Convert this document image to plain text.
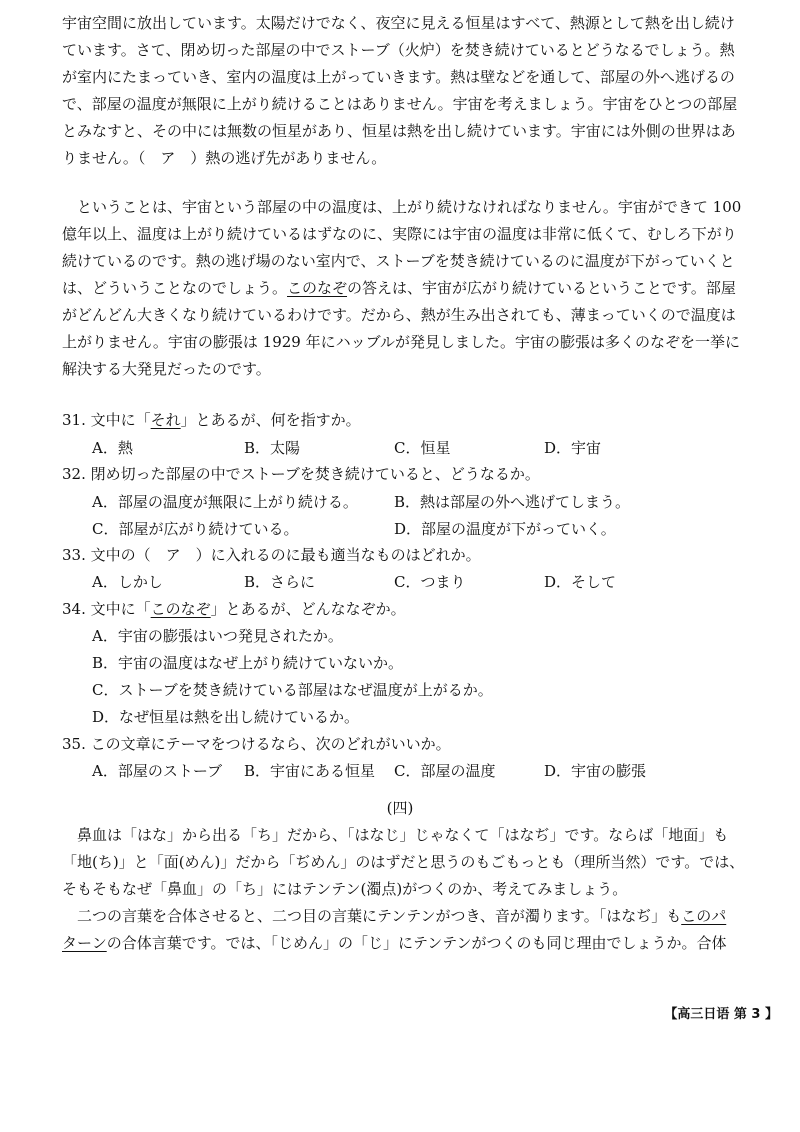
宇宙空間に放出しています。太陽だけでなく、夜空に見える恒星はすべて、熱源として熱を出し続け
ています。さて、閉め切った部屋の中でストーブ（火炉）を焚き続けているとどうなるでしょう。熱
が室内にたまっていき、室内の温度は上がっていきます。熱は壁などを通して、部屋の外へ逃げるの
で、部屋の温度が無限に上がり続けることはありません。宇宙を考えましょう。宇宙をひとつの部屋
とみなすと、その中には無数の恒星があり、恒星は熱を出し続けています。宇宙には外側の世界はあ
りません。（　ア　）熱の逃げ先がありません。
ということは、宇宙という部屋の中の温度は、上がり続けなければなりません。宇宙ができて 100
億年以上、温度は上がり続けているはずなのに、実際には宇宙の温度は非常に低くて、むしろ下がり
続けているのです。熱の逃げ場のない室内で、ストーブを焚き続けているのに温度が下がっていくと
は、どういうことなのでしょう。このなぞの答えは、宇宙が広がり続けているということです。部屋
がどんどん大きくなり続けているわけです。だから、熱が生み出されても、薄まっていくので温度は
上がりません。宇宙の膨張は 1929 年にハッブルが発見しました。宇宙の膨張は多くのなぞを一挙に
解決する大発見だったのです。
31. 文中に「それ」とあるが、何を指すか。
A．熱	B．太陽	C．恒星	D．宇宙
32. 閉め切った部屋の中でストーブを焚き続けていると、どうなるか。
A．部屋の温度が無限に上がり続ける。 B．熱は部屋の外へ逃げてしまう。
C．部屋が広がり続けている。	D．部屋の温度が下がっていく。
33. 文中の（　ア　）に入れるのに最も適当なものはどれか。
A．しかし	B．さらに	C．つまり	D．そして
34. 文中に「このなぞ」とあるが、どんななぞか。
A．宇宙の膨張はいつ発見されたか。
B．宇宙の温度はなぜ上がり続けていないか。
C．ストーブを焚き続けている部屋はなぜ温度が上がるか。
D．なぜ恒星は熱を出し続けているか。
35. この文章にテーマをつけるなら、次のどれがいいか。
A．部屋のストーブ B．宇宙にある恒星 C．部屋の温度	D．宇宙の膨張
(四)
鼻血は「はな」から出る「ち」だから、「はなじ」じゃなくて「はなぢ」です。ならば「地面」も
「地(ち)」と「面(めん)」だから「ぢめん」のはずだと思うのもごもっとも（理所当然）です。では、
そもそもなぜ「鼻血」の「ち」にはテンテン(濁点)がつくのか、考えてみましょう。
二つの言葉を合体させると、二つ目の言葉にテンテンがつき、音が濁ります。「はなぢ」もこのパ
ターンの合体言葉です。では、「じめん」の「じ」にテンテンがつくのも同じ理由でしょうか。合体
【高三日语 第 3 】
